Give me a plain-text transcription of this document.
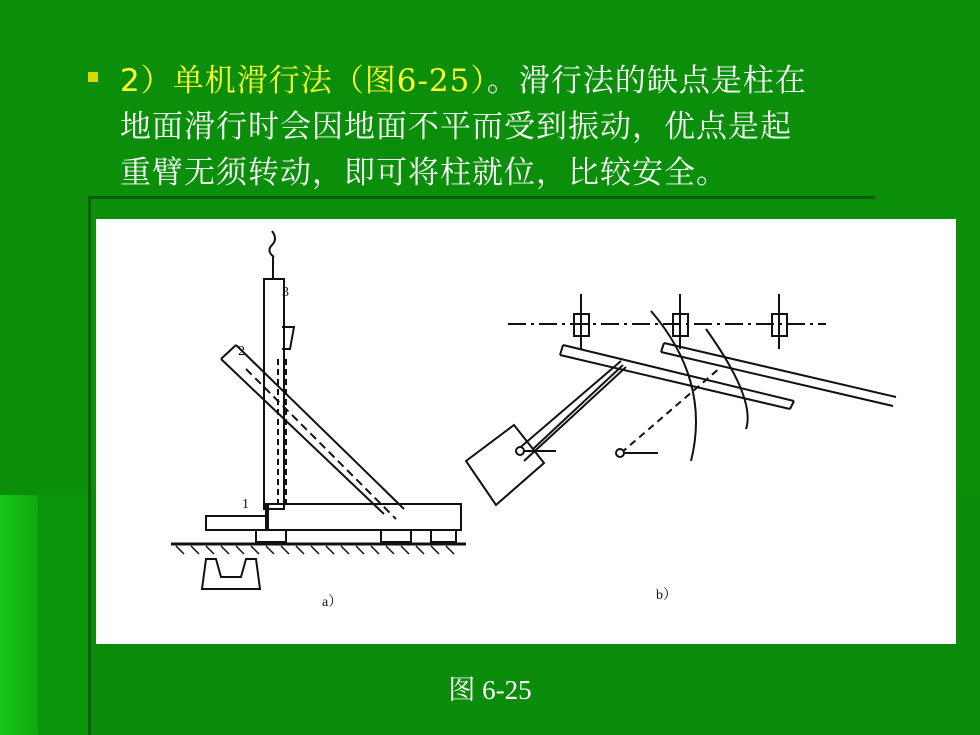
2）单机滑行法（图6-25）。滑行法的缺点是柱在
地面滑行时会因地面不平而受到振动，优点是起
重臂无须转动，即可将柱就位，比较安全。
1
2
3
a）	b）
图 6-25
